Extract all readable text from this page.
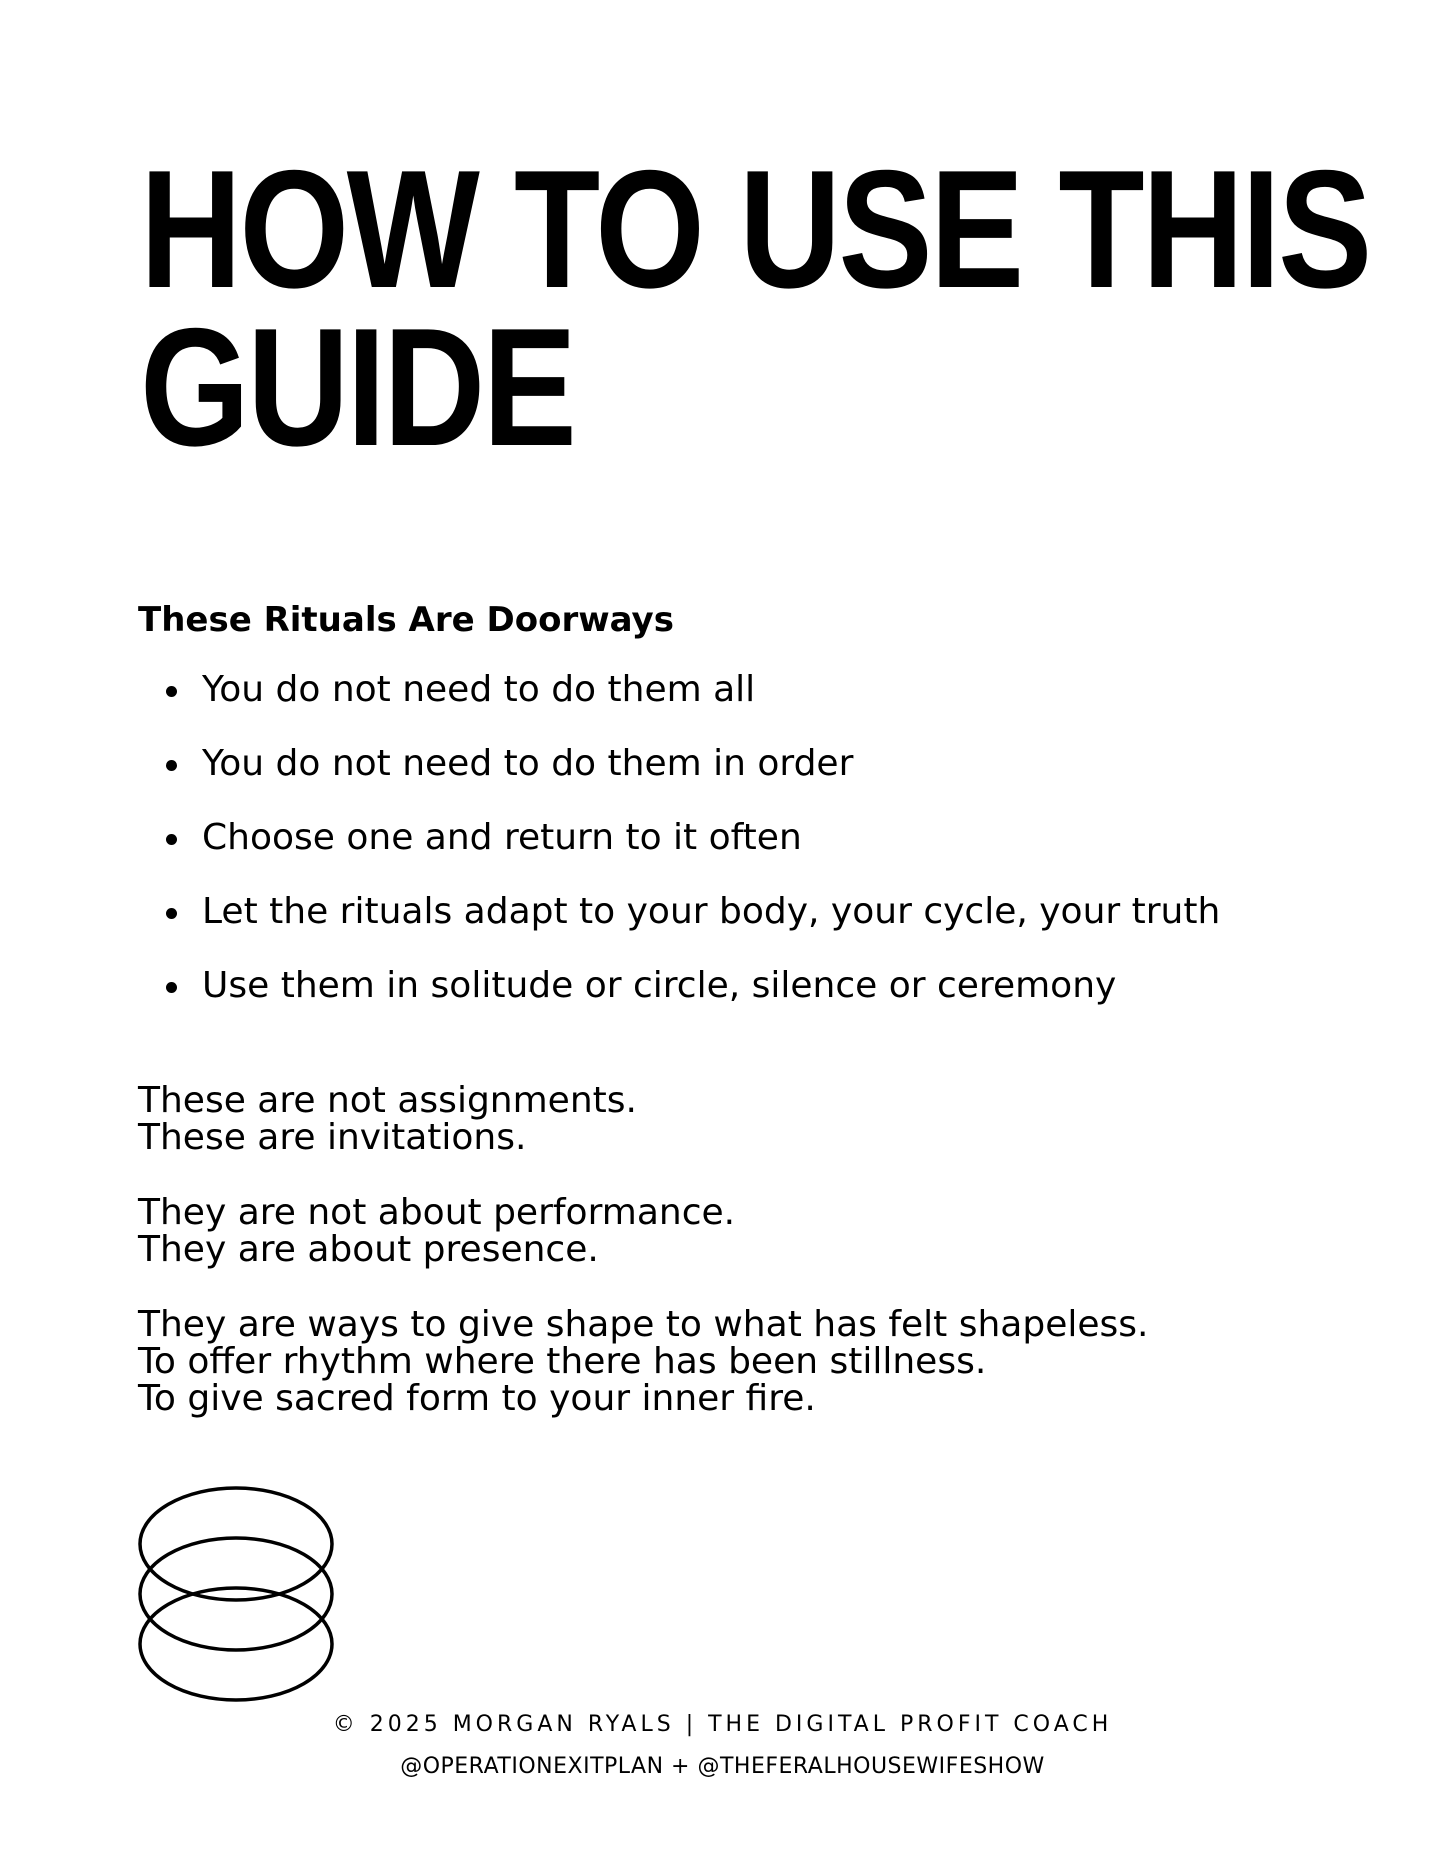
HOW TO USE THIS
GUIDE
These Rituals Are Doorways
You do not need to do them all
You do not need to do them in order
Choose one and return to it often
Let the rituals adapt to your body, your cycle, your truth
Use them in solitude or circle, silence or ceremony
These are not assignments.
These are invitations.
They are not about performance.
They are about presence.
They are ways to give shape to what has felt shapeless.
To offer rhythm where there has been stillness.
To give sacred form to your inner fire.
© 2025 MORGAN RYALS | THE DIGITAL PROFIT COACH
@OPERATIONEXITPLAN + @THEFERALHOUSEWIFESHOW
